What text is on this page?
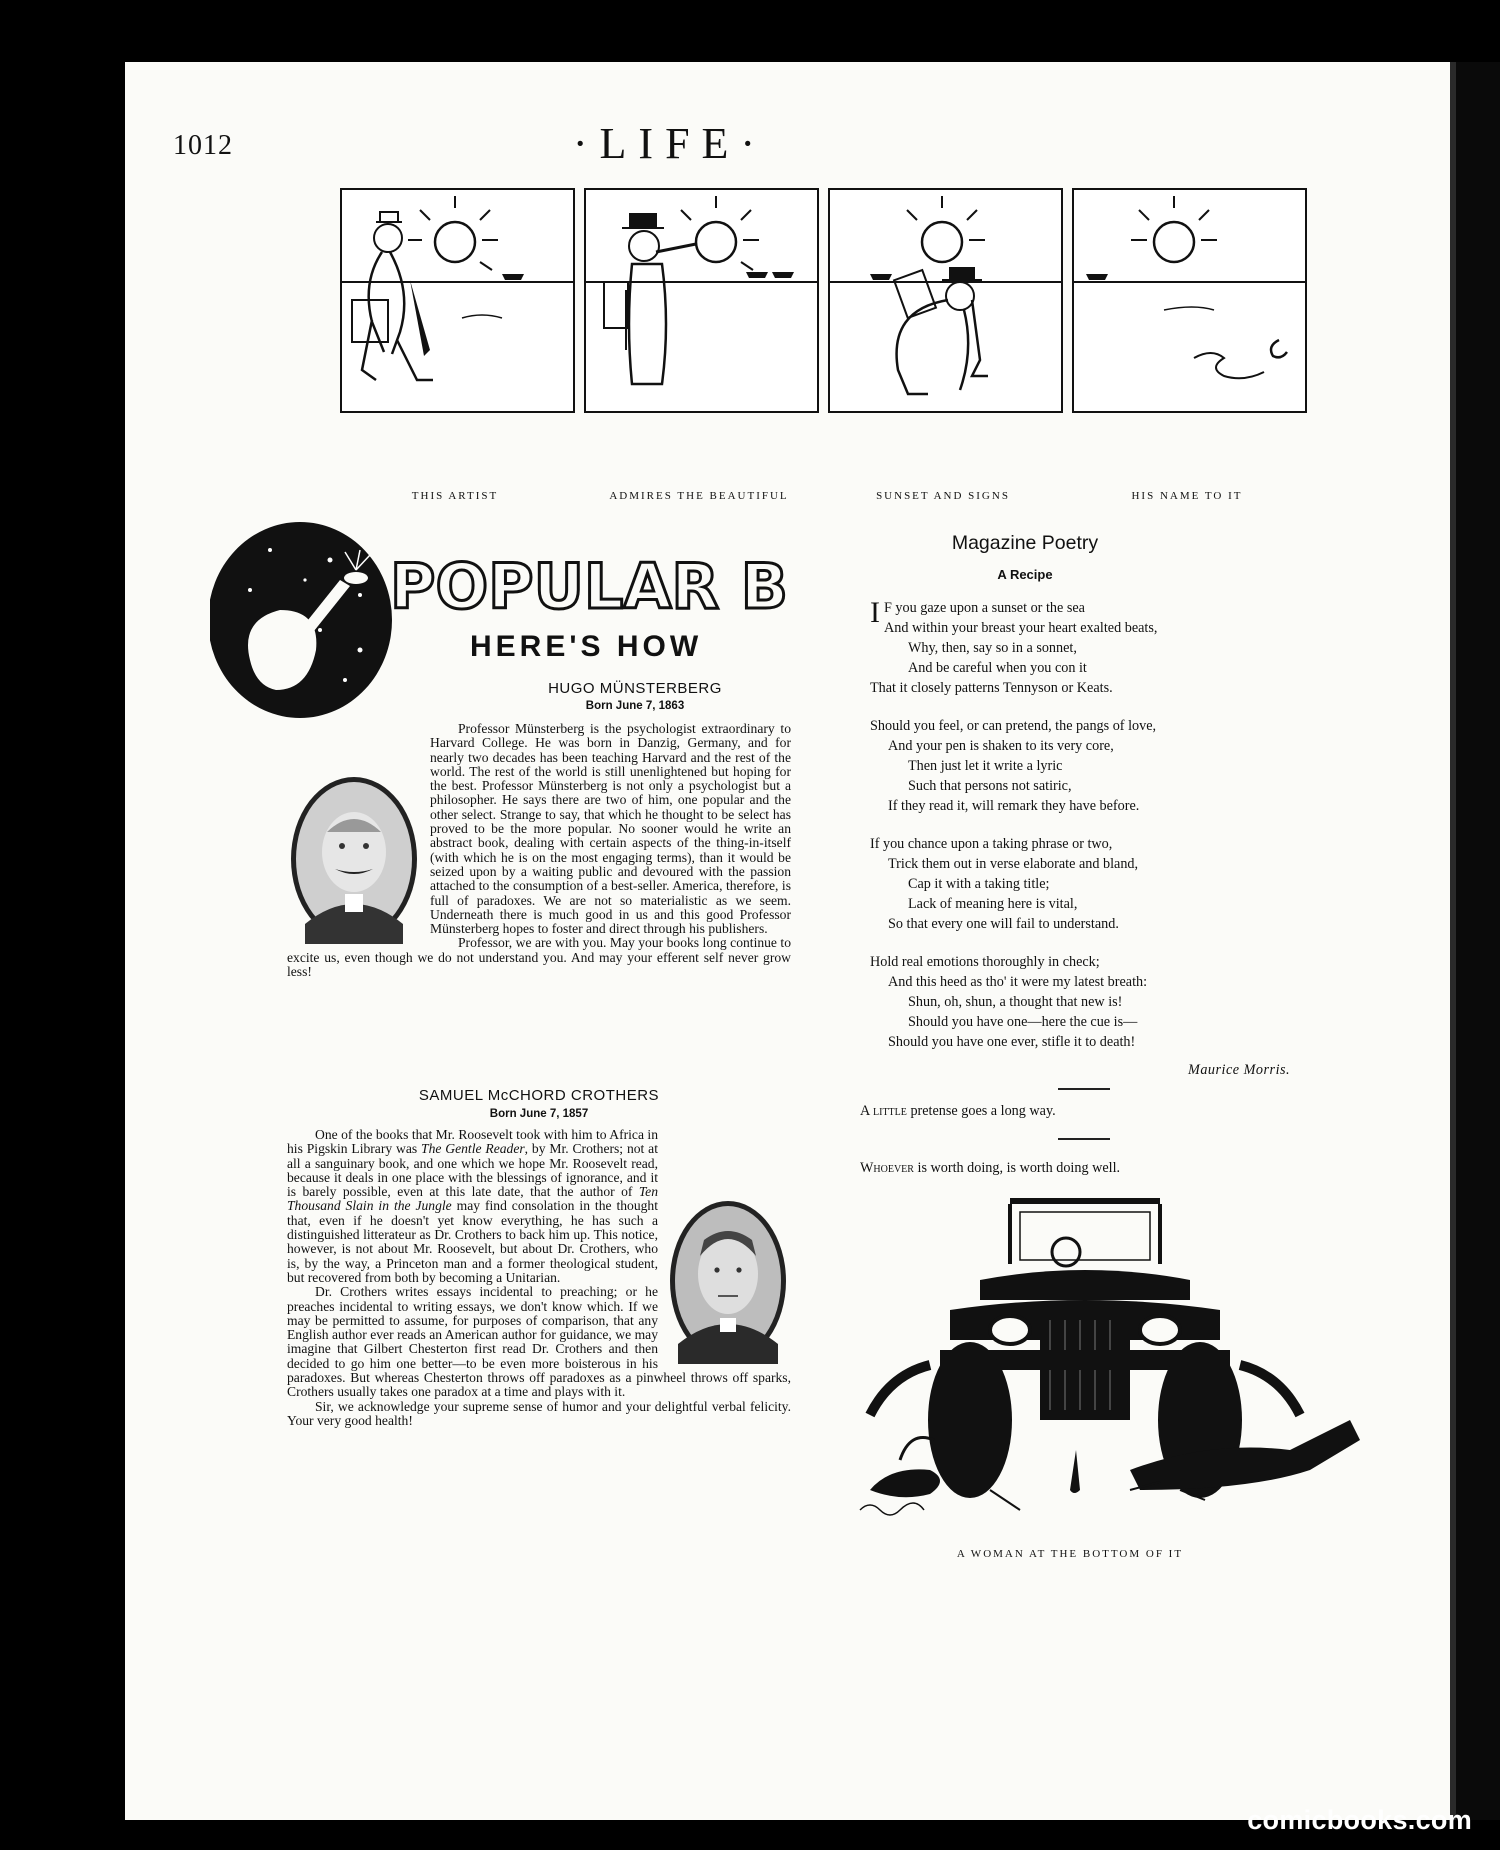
1012	·LIFE·
THIS ARTIST	ADMIRES THE BEAUTIFUL	SUNSET AND SIGNS	HIS NAME TO IT
POPULAR B
HERE'S HOW
HUGO MÜNSTERBERG
Born June 7, 1863

Professor Münsterberg is the psychologist extraordinary to Harvard College. He was born in Danzig, Germany, and for nearly two decades has been teaching Harvard and the rest of the world. The rest of the world is still unenlightened but hoping for the best. Professor Münsterberg is not only a psychologist but a philosopher. He says there are two of him, one popular and the other select. Strange to say, that which he thought to be select has proved to be the more popular. No sooner would he write an abstract book, dealing with certain aspects of the thing-in-itself (with which he is on the most engaging terms), than it would be seized upon by a waiting public and devoured with the passion attached to the consumption of a best-seller. America, therefore, is full of paradoxes. We are not so materialistic as we seem. Underneath there is much good in us and this good Professor Münsterberg hopes to foster and direct through his publishers.

Professor, we are with you. May your books long continue to excite us, even though we do not understand you. And may your efferent self never grow less!

SAMUEL McCHORD CROTHERS
Born June 7, 1857

One of the books that Mr. Roosevelt took with him to Africa in his Pigskin Library was The Gentle Reader, by Mr. Crothers; not at all a sanguinary book, and one which we hope Mr. Roosevelt read, because it deals in one place with the blessings of ignorance, and it is barely possible, even at this late date, that the author of Ten Thousand Slain in the Jungle may find consolation in the thought that, even if he doesn't yet know everything, he has such a distinguished litterateur as Dr. Crothers to back him up. This notice, however, is not about Mr. Roosevelt, but about Dr. Crothers, who is, by the way, a Princeton man and a former theological student, but recovered from both by becoming a Unitarian.

Dr. Crothers writes essays incidental to preaching; or he preaches incidental to writing essays, we don't know which. If we may be permitted to assume, for purposes of comparison, that any English author ever reads an American author for guidance, we may imagine that Gilbert Chesterton first read Dr. Crothers and then decided to go him one better—to be even more boisterous in his paradoxes. But whereas Chesterton throws off paradoxes as a pinwheel throws off sparks, Crothers usually takes one paradox at a time and plays with it.

Sir, we acknowledge your supreme sense of humor and your delightful verbal felicity. Your very good health!

Magazine Poetry
A Recipe
I F you gaze upon a sunset or the sea
And within your breast your heart exalted beats,
Why, then, say so in a sonnet,
And be careful when you con it
That it closely patterns Tennyson or Keats.
Should you feel, or can pretend, the pangs of love,
And your pen is shaken to its very core,
Then just let it write a lyric
Such that persons not satiric,
If they read it, will remark they have before.
If you chance upon a taking phrase or two,
Trick them out in verse elaborate and bland,
Cap it with a taking title;
Lack of meaning here is vital,
So that every one will fail to understand.
Hold real emotions thoroughly in check;
And this heed as tho' it were my latest breath:
Shun, oh, shun, a thought that new is!
Should you have one—here the cue is—
Should you have one ever, stifle it to death!
Maurice Morris.
A little pretense goes a long way.
Whoever is worth doing, is worth doing well.
A WOMAN AT THE BOTTOM OF IT
comicbooks.com
